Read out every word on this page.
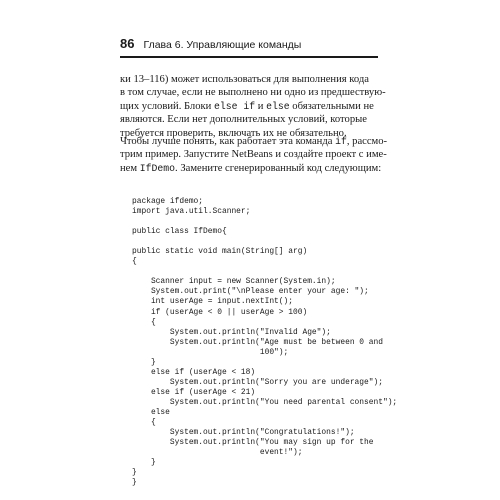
86 Глава 6. Управляющие команды

ки 13–116) может использоваться для выполнения кода
в том случае, если не выполнено ни одно из предшествую-
щих условий. Блоки else if и else обязательными не
являются. Если нет дополнительных условий, которые
требуется проверить, включать их не обязательно.

Чтобы лучше понять, как работает эта команда if, рассмо-
трим пример. Запустите NetBeans и создайте проект с име-
нем IfDemo. Замените сгенерированный код следующим:

package ifdemo;
import java.util.Scanner;
public class IfDemo{
public static void main(String[] arg)
{
Scanner input = new Scanner(System.in);
System.out.print("\nPlease enter your age: ");
int userAge = input.nextInt();
if (userAge < 0 || userAge > 100)
{
System.out.println("Invalid Age");
System.out.println("Age must be between 0 and
100");
}
else if (userAge < 18)
System.out.println("Sorry you are underage");
else if (userAge < 21)
System.out.println("You need parental consent");
else
{
System.out.println("Congratulations!");
System.out.println("You may sign up for the
event!");
}
}
}
